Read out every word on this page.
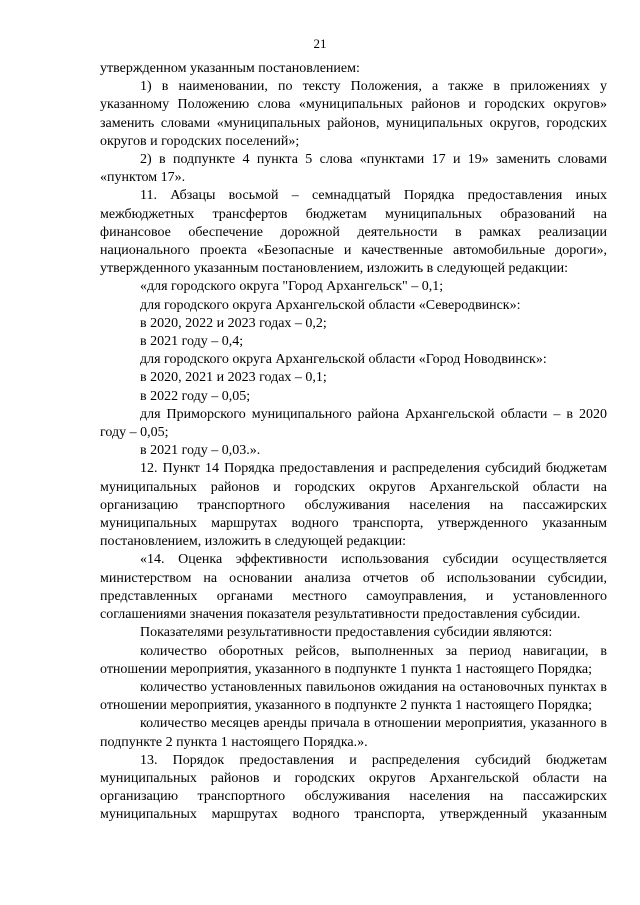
21

утвержденном указанным постановлением:

1) в наименовании, по тексту Положения, а также в приложениях у указанному Положению слова «муниципальных районов и городских округов» заменить словами «муниципальных районов, муниципальных округов, городских округов и городских поселений»;

2) в подпункте 4 пункта 5 слова «пунктами 17 и 19» заменить словами «пунктом 17».

11. Абзацы восьмой – семнадцатый Порядка предоставления иных межбюджетных трансфертов бюджетам муниципальных образований на финансовое обеспечение дорожной деятельности в рамках реализации национального проекта «Безопасные и качественные автомобильные дороги», утвержденного указанным постановлением, изложить в следующей редакции:

«для городского округа "Город Архангельск" – 0,1;

для городского округа Архангельской области «Северодвинск»:

в 2020, 2022 и 2023 годах – 0,2;

в 2021 году – 0,4;

для городского округа Архангельской области «Город Новодвинск»:

в 2020, 2021 и 2023 годах – 0,1;

в 2022 году – 0,05;

для Приморского муниципального района Архангельской области – в 2020 году – 0,05;

в 2021 году – 0,03.».

12. Пункт 14 Порядка предоставления и распределения субсидий бюджетам муниципальных районов и городских округов Архангельской области на организацию транспортного обслуживания населения на пассажирских муниципальных маршрутах водного транспорта, утвержденного указанным постановлением, изложить в следующей редакции:

«14. Оценка эффективности использования субсидии осуществляется министерством на основании анализа отчетов об использовании субсидии, представленных органами местного самоуправления, и установленного соглашениями значения показателя результативности предоставления субсидии.

Показателями результативности предоставления субсидии являются:

количество оборотных рейсов, выполненных за период навигации, в отношении мероприятия, указанного в подпункте 1 пункта 1 настоящего Порядка;

количество установленных павильонов ожидания на остановочных пунктах в отношении мероприятия, указанного в подпункте 2 пункта 1 настоящего Порядка;

количество месяцев аренды причала в отношении мероприятия, указанного в подпункте 2 пункта 1 настоящего Порядка.».

13. Порядок предоставления и распределения субсидий бюджетам муниципальных районов и городских округов Архангельской области на организацию транспортного обслуживания населения на пассажирских муниципальных маршрутах водного транспорта, утвержденный указанным
